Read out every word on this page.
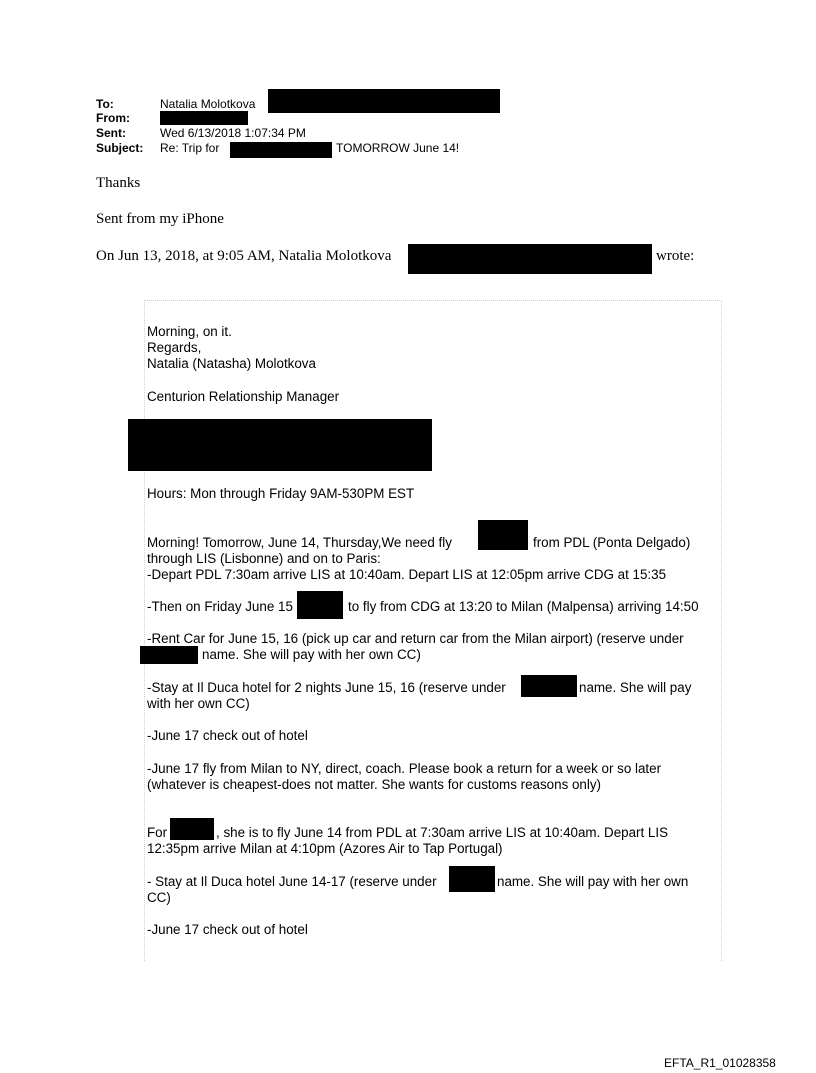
To:	Natalia Molotkova
From:
Sent:	Wed 6/13/2018 1:07:34 PM
Subject: Re: Trip for	TOMORROW June 14!
Thanks
Sent from my iPhone
On Jun 13, 2018, at 9:05 AM, Natalia Molotkova	wrote:
Morning, on it.
Regards,
Natalia (Natasha) Molotkova
Centurion Relationship Manager
Hours: Mon through Friday 9AM-530PM EST
Morning! Tomorrow, June 14, Thursday,We need fly	from PDL (Ponta Delgado)
through LIS (Lisbonne) and on to Paris:
-Depart PDL 7:30am arrive LIS at 10:40am. Depart LIS at 12:05pm arrive CDG at 15:35
-Then on Friday June 15	to fly from CDG at 13:20 to Milan (Malpensa) arriving 14:50
-Rent Car for June 15, 16 (pick up car and return car from the Milan airport) (reserve under
name. She will pay with her own CC)
-Stay at Il Duca hotel for 2 nights June 15, 16 (reserve under	name. She will pay
with her own CC)
-June 17 check out of hotel
-June 17 fly from Milan to NY, direct, coach. Please book a return for a week or so later
(whatever is cheapest-does not matter. She wants for customs reasons only)
For	, she is to fly June 14 from PDL at 7:30am arrive LIS at 10:40am. Depart LIS
12:35pm arrive Milan at 4:10pm (Azores Air to Tap Portugal)
- Stay at Il Duca hotel June 14-17 (reserve under	name. She will pay with her own
CC)
-June 17 check out of hotel
EFTA_R1_01028358
